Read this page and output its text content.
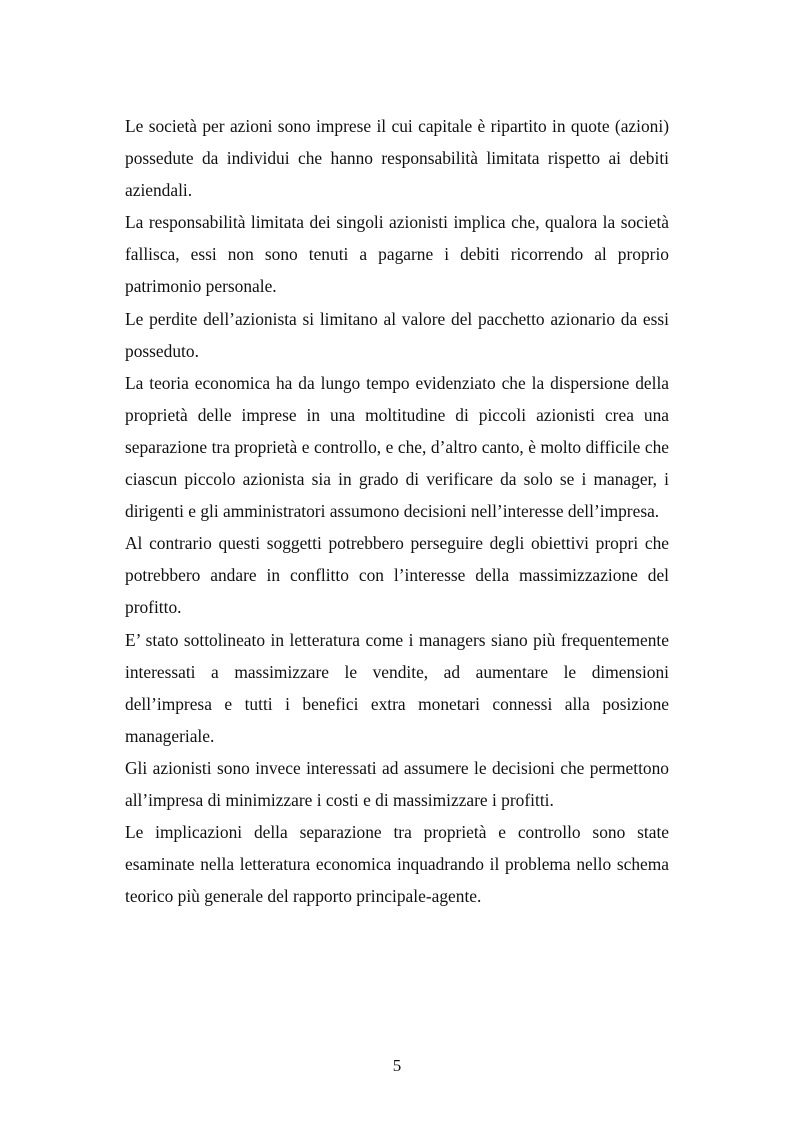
Le società per azioni sono imprese il cui capitale è ripartito in quote (azioni) possedute da individui che hanno responsabilità limitata rispetto ai debiti aziendali.

La responsabilità limitata dei singoli azionisti implica che, qualora la società fallisca, essi non sono tenuti a pagarne i debiti ricorrendo al proprio patrimonio personale.

Le perdite dell’azionista si limitano al valore del pacchetto azionario da essi posseduto.

La teoria economica ha da lungo tempo evidenziato che la dispersione della proprietà delle imprese in una moltitudine di piccoli azionisti crea una separazione tra proprietà e controllo, e che, d’altro canto, è molto difficile che ciascun piccolo azionista sia in grado di verificare da solo se i manager, i dirigenti e gli amministratori assumono decisioni nell’interesse dell’impresa.

Al contrario questi soggetti potrebbero perseguire degli obiettivi propri che potrebbero andare in conflitto con l’interesse della massimizzazione del profitto.

E’ stato sottolineato in letteratura come i managers siano più frequentemente interessati a massimizzare le vendite, ad aumentare le dimensioni dell’impresa e tutti i benefici extra monetari connessi alla posizione manageriale.

Gli azionisti sono invece interessati ad assumere le decisioni che permettono all’impresa di minimizzare i costi e di massimizzare i profitti.

Le implicazioni della separazione tra proprietà e controllo sono state esaminate nella letteratura economica inquadrando il problema nello schema teorico più generale del rapporto principale-agente.

5
